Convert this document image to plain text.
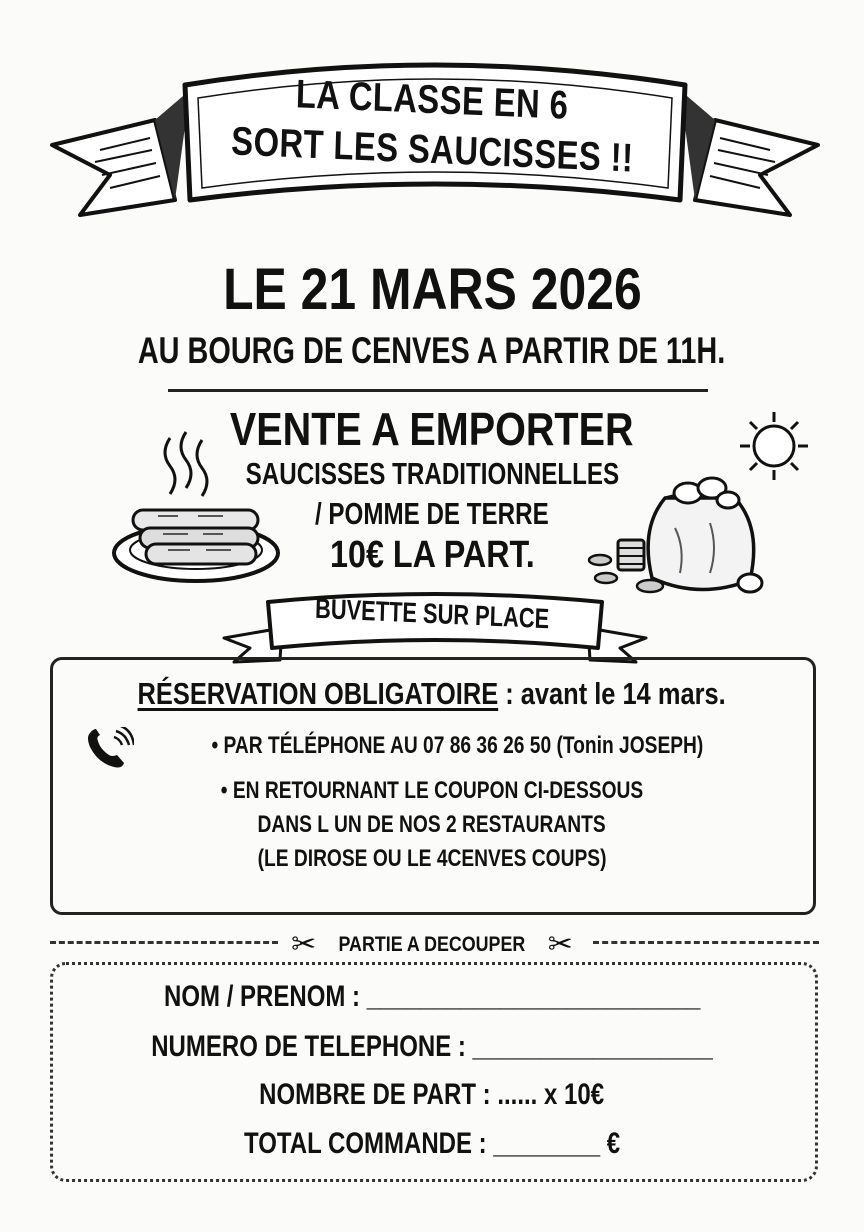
LA CLASSE EN 6
SORT LES SAUCISSES !!
LE 21 MARS 2026
AU BOURG DE CENVES A PARTIR DE 11H.
VENTE A EMPORTER
SAUCISSES TRADITIONNELLES
/ POMME DE TERRE
10€ LA PART.
BUVETTE SUR PLACE
RÉSERVATION OBLIGATOIRE : avant le 14 mars.
• PAR TÉLÉPHONE AU 07 86 36 26 50 (Tonin JOSEPH)
• EN RETOURNANT LE COUPON CI-DESSOUS
DANS L UN DE NOS 2 RESTAURANTS
(LE DIROSE OU LE 4CENVES COUPS)
✂ PARTIE A DECOUPER ✂
NOM / PRENOM : _________________________
NUMERO DE TELEPHONE : __________________
NOMBRE DE PART : ...... x 10€
TOTAL COMMANDE : ________ €
